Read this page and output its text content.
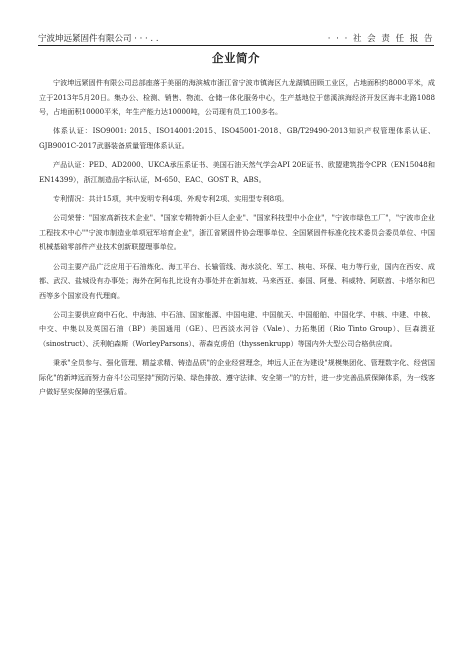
宁波坤远紧固件有限公司 · · · . .	· · · 社 会 责 任 报 告
企业简介

宁波坤远紧固件有限公司总部座落于美丽的海滨城市浙江省宁波市镇海区九龙湖镇田顾工业区，占地面积约8000平米，成立于2013年5月20日。集办公、检测、销售、物流、仓储一体化服务中心，生产基地位于慈溪滨海经济开发区海丰北路1088号，占地面积10000平米，年生产能力达10000吨，公司现有员工100多名。

体系认证：ISO9001: 2015、ISO14001:2015、ISO45001-2018、GB/T29490-2013知识产权管理体系认证、GJB9001C-2017武器装备质量管理体系认证。

产品认证：PED、AD2000、UKCA承压系证书、美国石油天然气学会API 20E证书、欧盟建筑指令CPR（EN15048和EN14399），浙江制造品字标认证，M-650、EAC、GOST R、ABS。

专利情况：共计15项，其中发明专利4项、外观专利2项、实用型专利8项。

公司荣誉："国家高新技术企业"、"国家专精特新小巨人企业"、"国家科技型中小企业"，"宁波市绿色工厂"，"宁波市企业工程技术中心""宁波市制造业单项冠军培育企业"，浙江省紧固件协会理事单位、全国紧固件标准化技术委员会委员单位、中国机械基础零部件产业技术创新联盟理事单位。

公司主要产品广泛应用于石油炼化、海工平台、长输管线、海水淡化、军工、核电、环保、电力等行业，国内在西安、成都、武汉、盐城设有办事处；海外在阿布扎比设有办事处并在新加坡、马来西亚、泰国、阿曼、科威特、阿联酋、卡塔尔和巴西等多个国家设有代理商。

公司主要供应商中石化、中海油、中石油、国家能源、中国电建、中国航天、中国船舶、中国化学、中核、中建、中核、中交、中集以及英国石油（BP）美国通用（GE）、巴西淡水河谷（Vale）、力拓集团（Rio Tinto Group）、巨森澳亚（sinostruct）、沃利帕森斯（WorleyParsons）、蒂森克虏伯（thyssenkrupp）等国内外大型公司合格供应商。

秉承"全员参与、强化管理、精益求精、铸造品质"的企业经营理念，坤远人正在为建设"规模集团化、管理数字化、经营国际化"的新坤远而努力奋斗!公司坚持"预防污染、绿色排放、遵守法律、安全第一"的方针，进一步完善品质保障体系，为一线客户做好坚实保障的坚强后盾。
